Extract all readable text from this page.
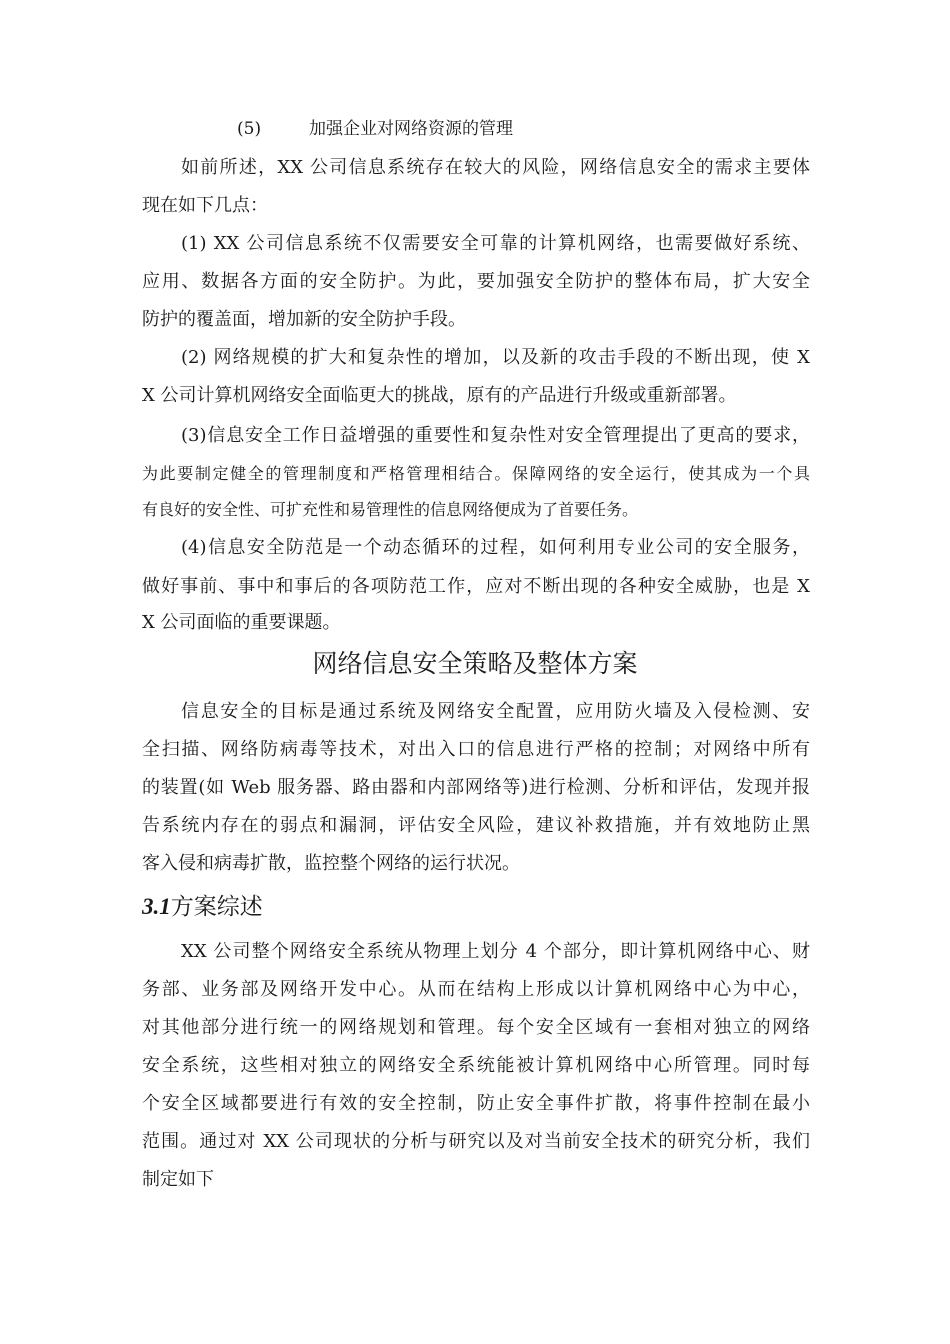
(5)	加强企业对网络资源的管理
如前所述，XX 公司信息系统存在较大的风险，网络信息安全的需求主要体
现在如下几点：
(1) XX 公司信息系统不仅需要安全可靠的计算机网络，也需要做好系统、
应用、数据各方面的安全防护。为此，要加强安全防护的整体布局，扩大安全
防护的覆盖面，增加新的安全防护手段。
(2) 网络规模的扩大和复杂性的增加，以及新的攻击手段的不断出现，使 X
X 公司计算机网络安全面临更大的挑战，原有的产品进行升级或重新部署。
(3)信息安全工作日益增强的重要性和复杂性对安全管理提出了更高的要求，
为此要制定健全的管理制度和严格管理相结合。保障网络的安全运行，使其成为一个具
有良好的安全性、可扩充性和易管理性的信息网络便成为了首要任务。
(4)信息安全防范是一个动态循环的过程，如何利用专业公司的安全服务，
做好事前、事中和事后的各项防范工作，应对不断出现的各种安全威胁，也是 X
X 公司面临的重要课题。
网络信息安全策略及整体方案
信息安全的目标是通过系统及网络安全配置，应用防火墙及入侵检测、安
全扫描、网络防病毒等技术，对出入口的信息进行严格的控制；对网络中所有
的装置(如 Web 服务器、路由器和内部网络等)进行检测、分析和评估，发现并报
告系统内存在的弱点和漏洞，评估安全风险，建议补救措施，并有效地防止黑
客入侵和病毒扩散，监控整个网络的运行状况。
3.1方案综述
XX 公司整个网络安全系统从物理上划分 4 个部分，即计算机网络中心、财
务部、业务部及网络开发中心。从而在结构上形成以计算机网络中心为中心，
对其他部分进行统一的网络规划和管理。每个安全区域有一套相对独立的网络
安全系统，这些相对独立的网络安全系统能被计算机网络中心所管理。同时每
个安全区域都要进行有效的安全控制，防止安全事件扩散，将事件控制在最小
范围。通过对 XX 公司现状的分析与研究以及对当前安全技术的研究分析，我们
制定如下
